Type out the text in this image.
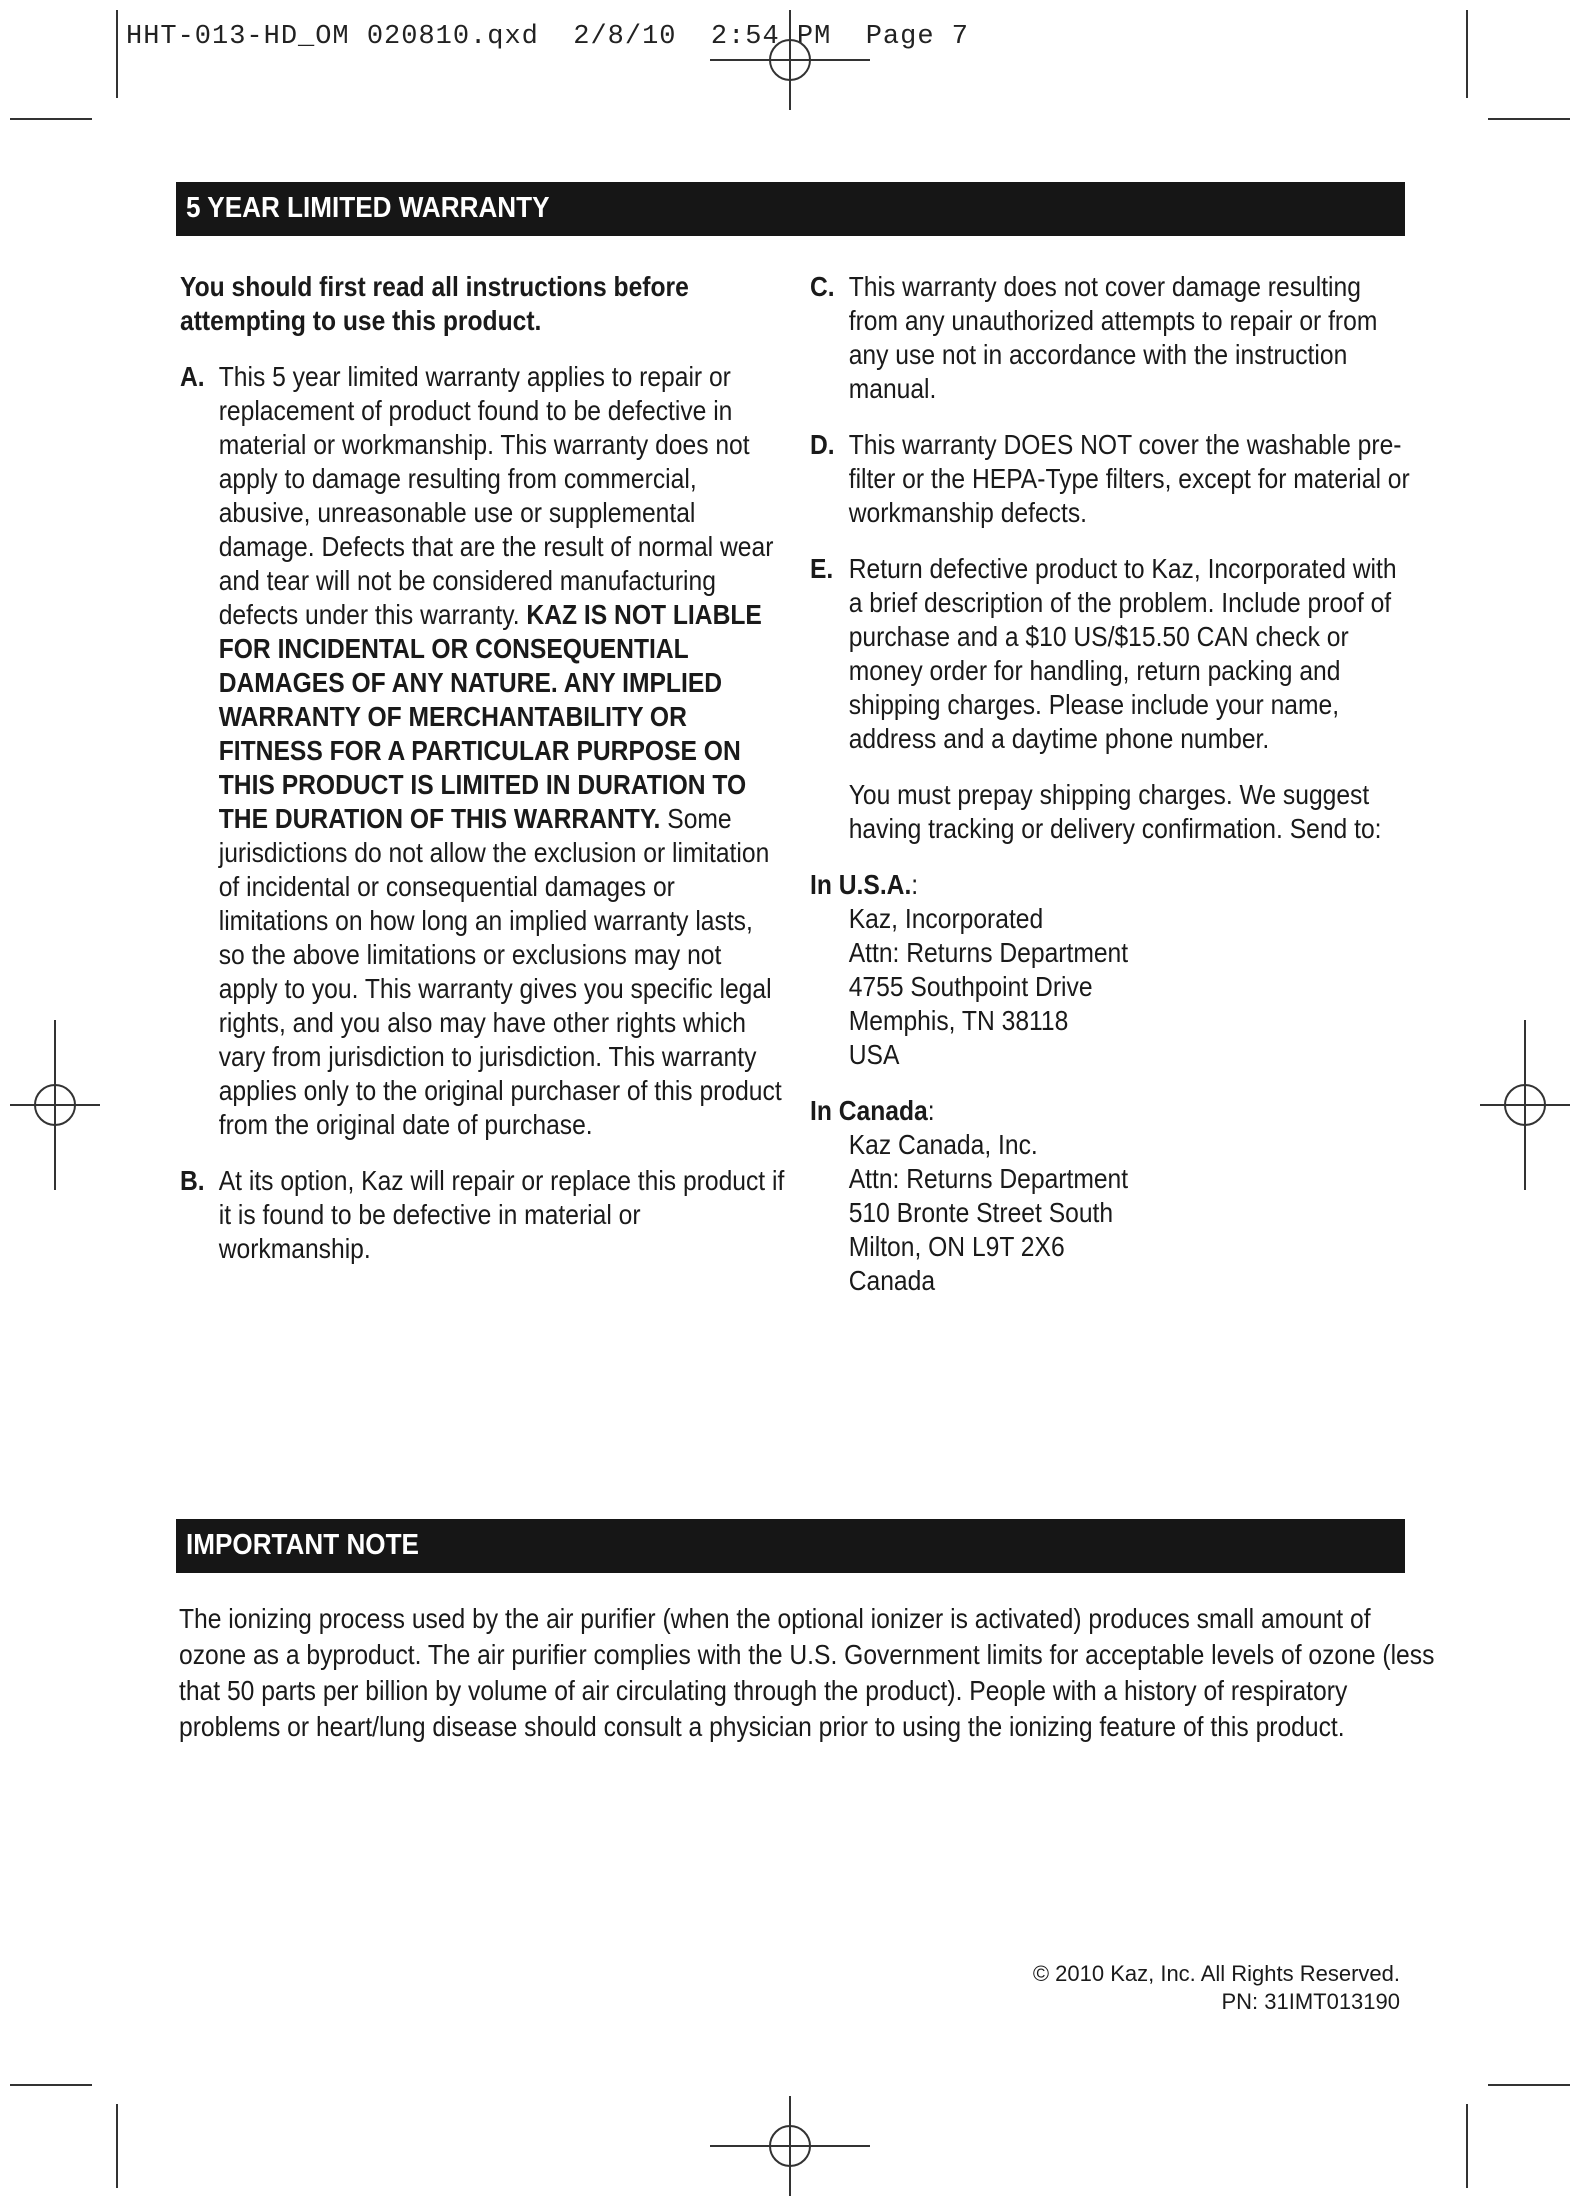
HHT-013-HD_OM 020810.qxd 2/8/10 2:54 PM Page 7
5 YEAR LIMITED WARRANTY

You should first read all instructions before attempting to use this product.

A. This 5 year limited warranty applies to repair or replacement of product found to be defective in material or workmanship. This warranty does not apply to damage resulting from commercial, abusive, unreasonable use or supplemental damage. Defects that are the result of normal wear and tear will not be considered manufacturing defects under this warranty. KAZ IS NOT LIABLE FOR INCIDENTAL OR CONSEQUENTIAL DAMAGES OF ANY NATURE. ANY IMPLIED WARRANTY OF MERCHANTABILITY OR FITNESS FOR A PARTICULAR PURPOSE ON THIS PRODUCT IS LIMITED IN DURATION TO THE DURATION OF THIS WARRANTY. Some jurisdictions do not allow the exclusion or limitation of incidental or consequential damages or limitations on how long an implied warranty lasts, so the above limitations or exclusions may not apply to you. This warranty gives you specific legal rights, and you also may have other rights which vary from jurisdiction to jurisdiction. This warranty applies only to the original purchaser of this product from the original date of purchase.
B. At its option, Kaz will repair or replace this product if it is found to be defective in material or workmanship.
C. This warranty does not cover damage resulting from any unauthorized attempts to repair or from any use not in accordance with the instruction manual.
D. This warranty DOES NOT cover the washable pre-filter or the HEPA-Type filters, except for material or workmanship defects.
E. Return defective product to Kaz, Incorporated with a brief description of the problem. Include proof of purchase and a $10 US/$15.50 CAN check or money order for handling, return packing and shipping charges. Please include your name, address and a daytime phone number.

You must prepay shipping charges. We suggest having tracking or delivery confirmation. Send to:

In U.S.A.:
Kaz, Incorporated
Attn: Returns Department
4755 Southpoint Drive
Memphis, TN 38118
USA
In Canada:
Kaz Canada, Inc.
Attn: Returns Department
510 Bronte Street South
Milton, ON L9T 2X6
Canada
IMPORTANT NOTE
The ionizing process used by the air purifier (when the optional ionizer is activated) produces small amount of ozone as a byproduct. The air purifier complies with the U.S. Government limits for acceptable levels of ozone (less that 50 parts per billion by volume of air circulating through the product). People with a history of respiratory problems or heart/lung disease should consult a physician prior to using the ionizing feature of this product.
© 2010 Kaz, Inc. All Rights Reserved.
PN: 31IMT013190
